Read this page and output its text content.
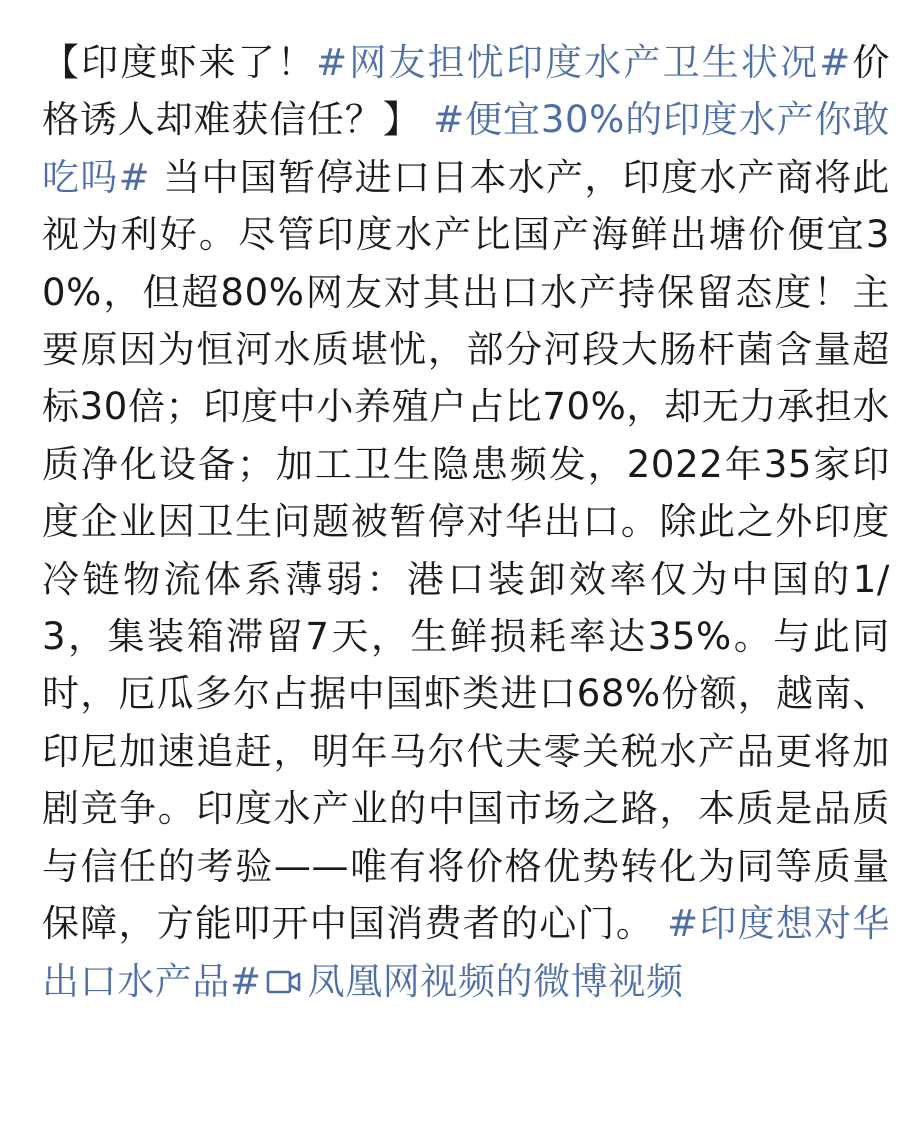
【印度虾来了！#网友担忧印度水产卫生状况#价格诱人却难获信任？】 #便宜30%的印度水产你敢吃吗# 当中国暂停进口日本水产，印度水产商将此视为利好。尽管印度水产比国产海鲜出塘价便宜30%，但超80%网友对其出口水产持保留态度！主要原因为恒河水质堪忧，部分河段大肠杆菌含量超标30倍；印度中小养殖户占比70%，却无力承担水质净化设备；加工卫生隐患频发，2022年35家印度企业因卫生问题被暂停对华出口。除此之外印度冷链物流体系薄弱：港口装卸效率仅为中国的1/3，集装箱滞留7天，生鲜损耗率达35%。与此同时，厄瓜多尔占据中国虾类进口68%份额，越南、印尼加速追赶，明年马尔代夫零关税水产品更将加剧竞争。印度水产业的中国市场之路，本质是品质与信任的考验——唯有将价格优势转化为同等质量保障，方能叩开中国消费者的心门。 #印度想对华出口水产品# 凤凰网视频的微博视频
